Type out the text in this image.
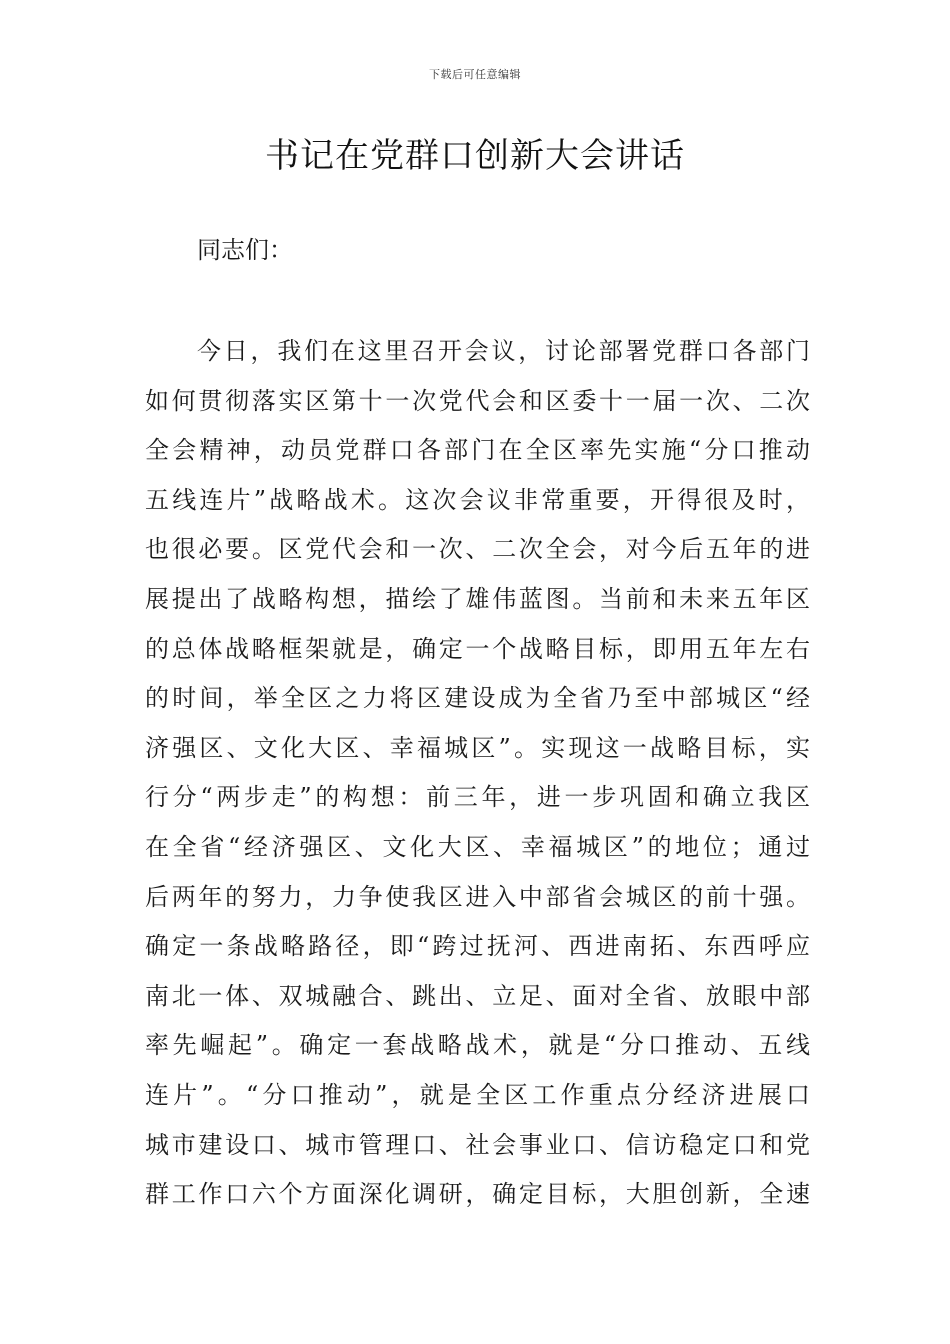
下载后可任意编辑
书记在党群口创新大会讲话

同志们：

今日，我们在这里召开会议，讨论部署党群口各部门
如何贯彻落实区第十一次党代会和区委十一届一次、二次
全会精神，动员党群口各部门在全区率先实施“分口推动
五线连片”战略战术。这次会议非常重要，开得很及时，
也很必要。区党代会和一次、二次全会，对今后五年的进
展提出了战略构想，描绘了雄伟蓝图。当前和未来五年区
的总体战略框架就是，确定一个战略目标，即用五年左右
的时间，举全区之力将区建设成为全省乃至中部城区“经
济强区、文化大区、幸福城区”。实现这一战略目标，实
行分“两步走”的构想：前三年，进一步巩固和确立我区
在全省“经济强区、文化大区、幸福城区”的地位；通过
后两年的努力，力争使我区进入中部省会城区的前十强。
确定一条战略路径，即“跨过抚河、西进南拓、东西呼应
南北一体、双城融合、跳出、立足、面对全省、放眼中部
率先崛起”。确定一套战略战术，就是“分口推动、五线
连片”。“分口推动”，就是全区工作重点分经济进展口
城市建设口、城市管理口、社会事业口、信访稳定口和党
群工作口六个方面深化调研，确定目标，大胆创新，全速
